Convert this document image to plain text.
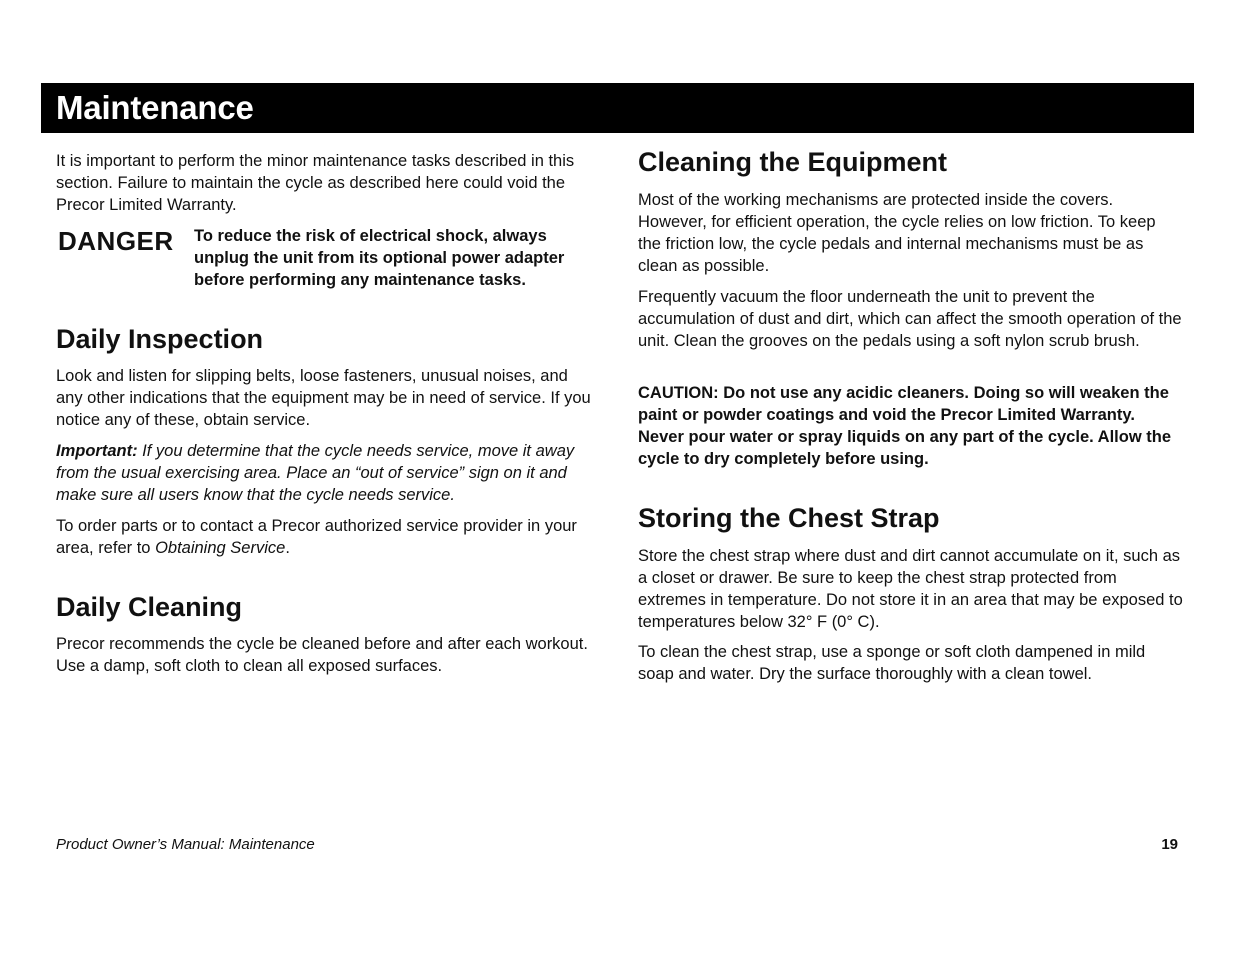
Maintenance

It is important to perform the minor maintenance tasks described in this section. Failure to maintain the cycle as described here could void the Precor Limited Warranty.

DANGER To reduce the risk of electrical shock, always unplug the unit from its optional power adapter before performing any maintenance tasks.

Daily Inspection

Look and listen for slipping belts, loose fasteners, unusual noises, and any other indications that the equipment may be in need of service. If you notice any of these, obtain service.

Important: If you determine that the cycle needs service, move it away from the usual exercising area. Place an “out of service” sign on it and make sure all users know that the cycle needs service.

To order parts or to contact a Precor authorized service provider in your area, refer to Obtaining Service.

Daily Cleaning

Precor recommends the cycle be cleaned before and after each workout. Use a damp, soft cloth to clean all exposed surfaces.

Cleaning the Equipment

Most of the working mechanisms are protected inside the covers. However, for efficient operation, the cycle relies on low friction. To keep the friction low, the cycle pedals and internal mechanisms must be as clean as possible.

Frequently vacuum the floor underneath the unit to prevent the accumulation of dust and dirt, which can affect the smooth operation of the unit. Clean the grooves on the pedals using a soft nylon scrub brush.

CAUTION: Do not use any acidic cleaners. Doing so will weaken the paint or powder coatings and void the Precor Limited Warranty. Never pour water or spray liquids on any part of the cycle. Allow the cycle to dry completely before using.

Storing the Chest Strap

Store the chest strap where dust and dirt cannot accumulate on it, such as a closet or drawer. Be sure to keep the chest strap protected from extremes in temperature. Do not store it in an area that may be exposed to temperatures below 32° F (0° C).

To clean the chest strap, use a sponge or soft cloth dampened in mild soap and water. Dry the surface thoroughly with a clean towel.

Product Owner’s Manual: Maintenance	19
